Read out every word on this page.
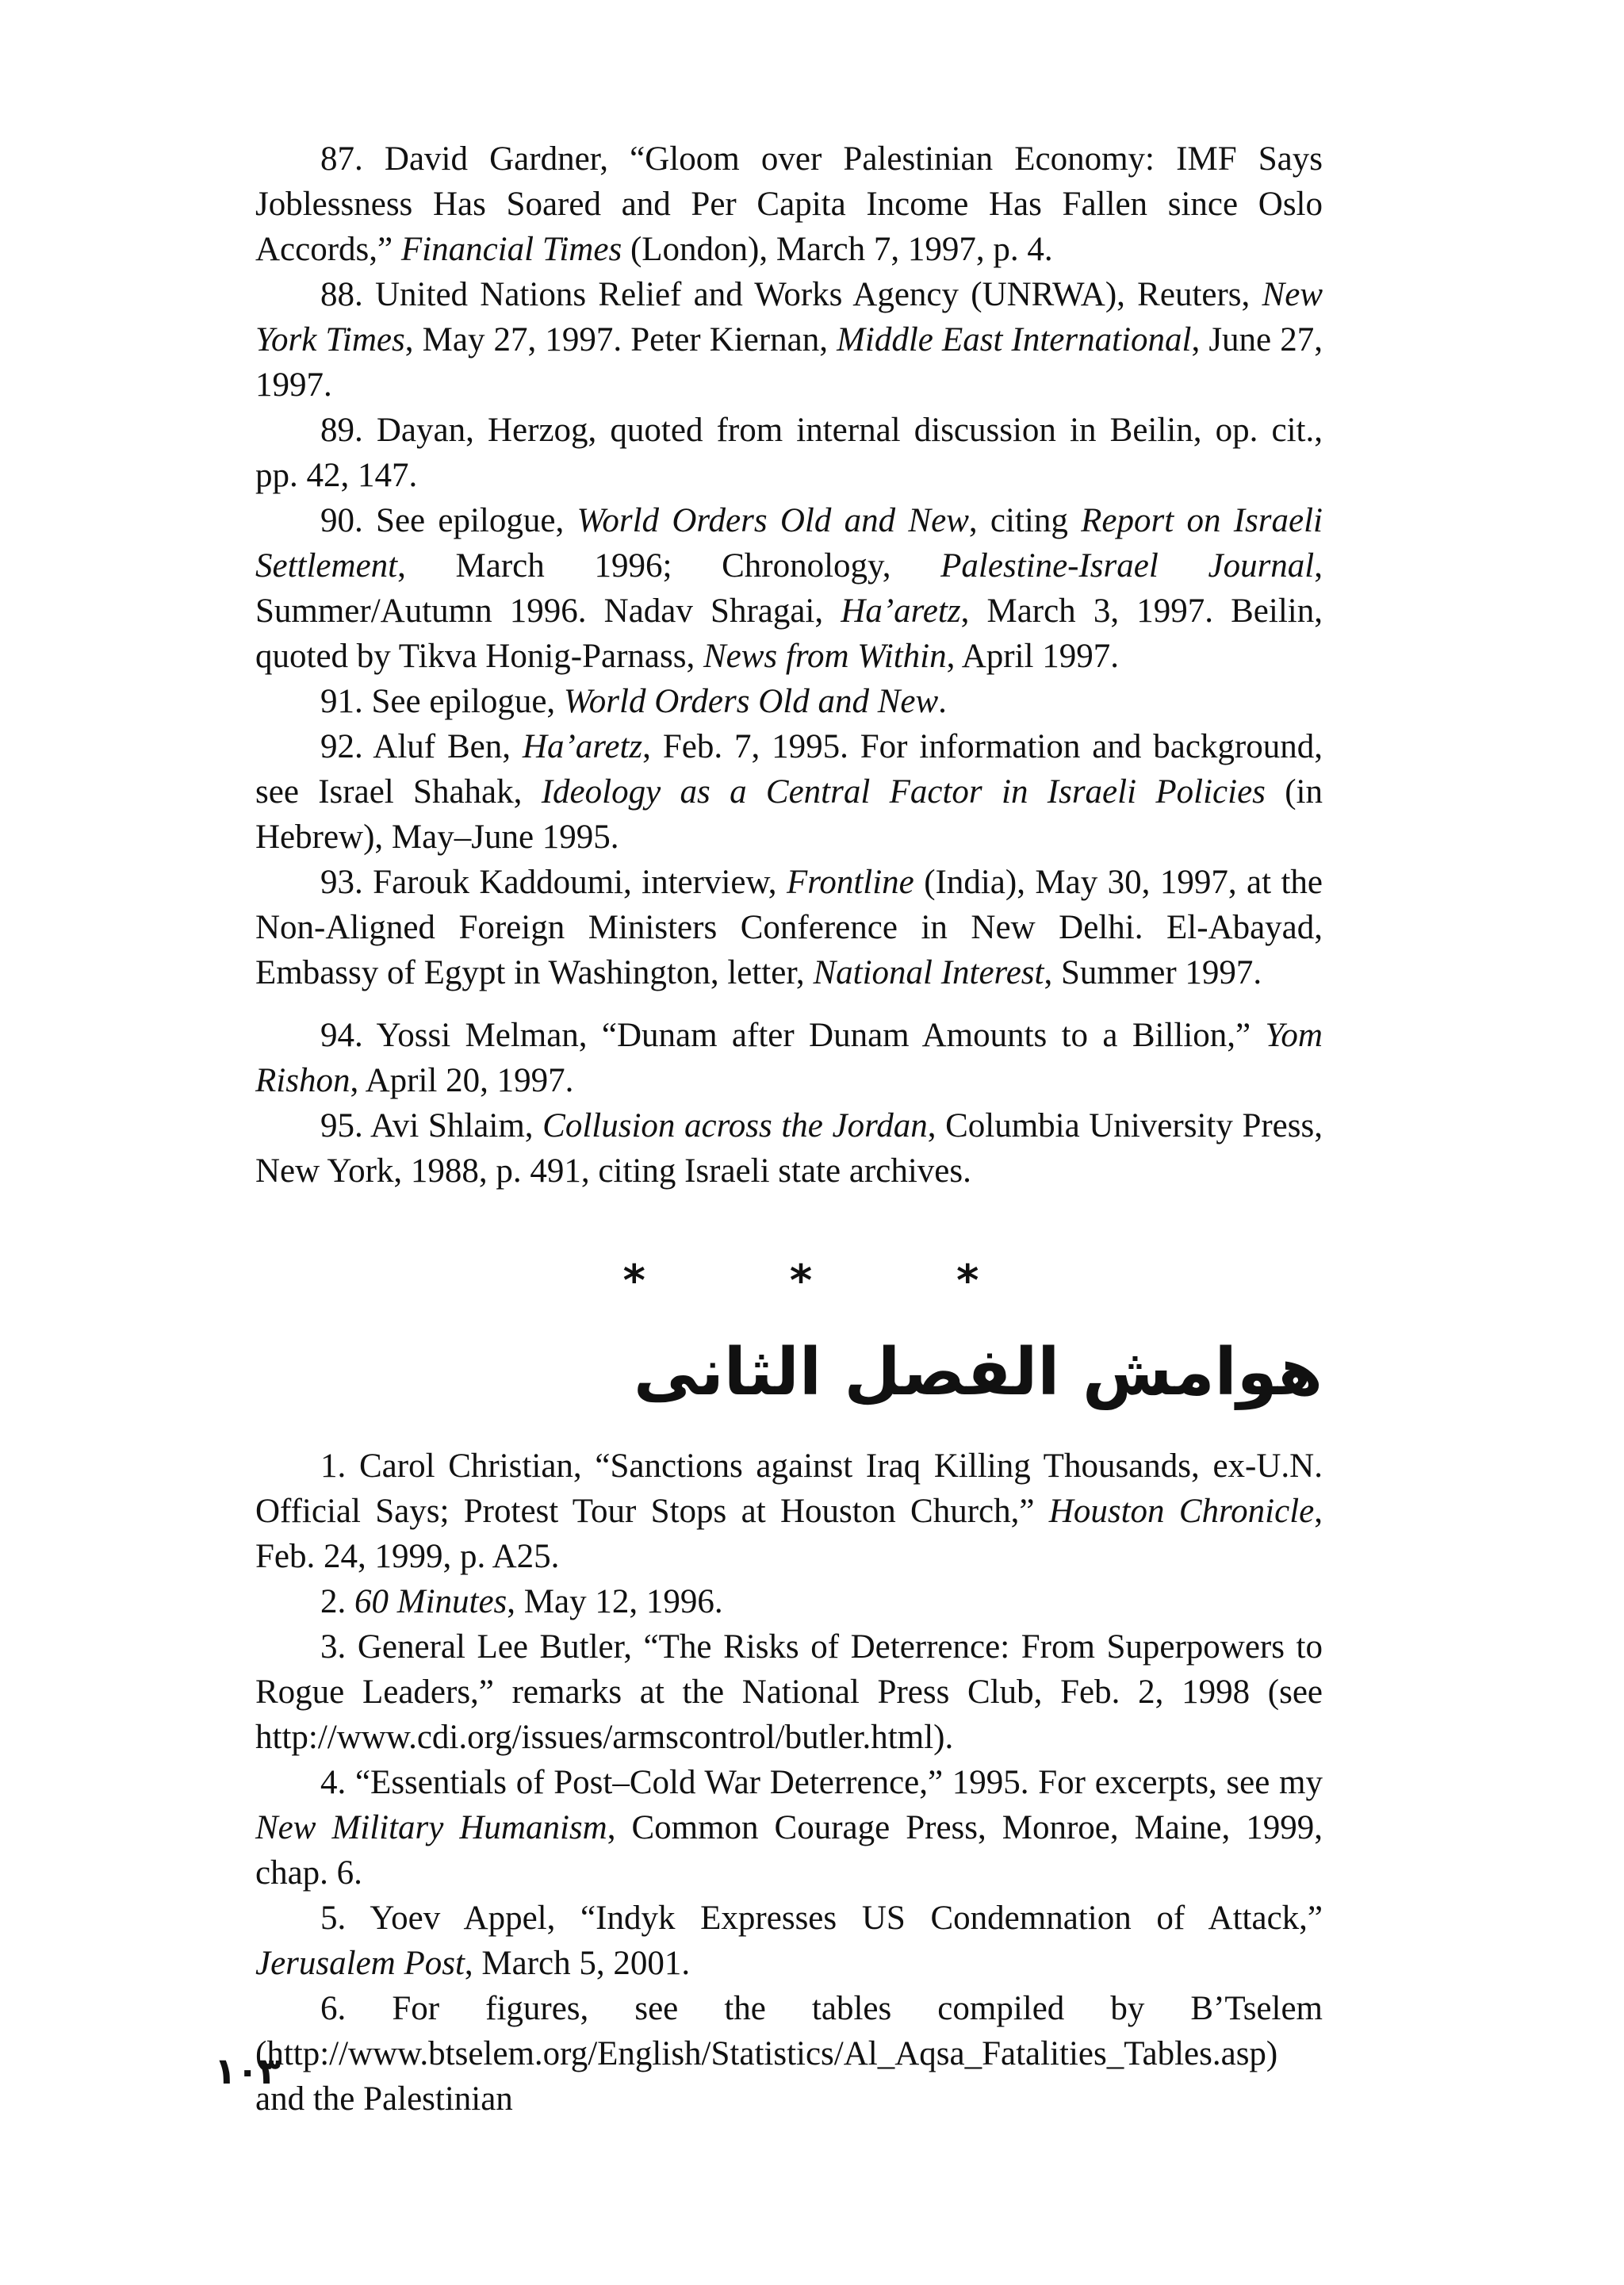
87. David Gardner, “Gloom over Palestinian Economy: IMF Says Joblessness Has Soared and Per Capita Income Has Fallen since Oslo Accords,” Financial Times (London), March 7, 1997, p. 4.

88. United Nations Relief and Works Agency (UNRWA), Reuters, New York Times, May 27, 1997. Peter Kiernan, Middle East International, June 27, 1997.

89. Dayan, Herzog, quoted from internal discussion in Beilin, op. cit., pp. 42, 147.

90. See epilogue, World Orders Old and New, citing Report on Israeli Settlement, March 1996; Chronology, Palestine-Israel Journal, Summer/Autumn 1996. Nadav Shragai, Ha’aretz, March 3, 1997. Beilin, quoted by Tikva Honig-Parnass, News from Within, April 1997.

91. See epilogue, World Orders Old and New.

92. Aluf Ben, Ha’aretz, Feb. 7, 1995. For information and background, see Israel Shahak, Ideology as a Central Factor in Israeli Policies (in Hebrew), May–June 1995.

93. Farouk Kaddoumi, interview, Frontline (India), May 30, 1997, at the Non-Aligned Foreign Ministers Conference in New Delhi. El-Abayad, Embassy of Egypt in Washington, letter, National Interest, Summer 1997.

94. Yossi Melman, “Dunam after Dunam Amounts to a Billion,” Yom Rishon, April 20, 1997.

95. Avi Shlaim, Collusion across the Jordan, Columbia University Press, New York, 1988, p. 491, citing Israeli state archives.

*	*	*
هوامش الفصل الثانى

1. Carol Christian, “Sanctions against Iraq Killing Thousands, ex-U.N. Official Says; Protest Tour Stops at Houston Church,” Houston Chronicle, Feb. 24, 1999, p. A25.

2. 60 Minutes, May 12, 1996.

3. General Lee Butler, “The Risks of Deterrence: From Superpowers to Rogue Leaders,” remarks at the National Press Club, Feb. 2, 1998 (see http://www.cdi.org/issues/armscontrol/butler.html).

4. “Essentials of Post–Cold War Deterrence,” 1995. For excerpts, see my New Military Humanism, Common Courage Press, Monroe, Maine, 1999, chap. 6.

5. Yoev Appel, “Indyk Expresses US Condemnation of Attack,” Jerusalem Post, March 5, 2001.

6. For figures, see the tables compiled by B’Tselem (http://www.btselem.org/English/Statistics/Al_Aqsa_Fatalities_Tables.asp) and the Palestinian

١٠٣
